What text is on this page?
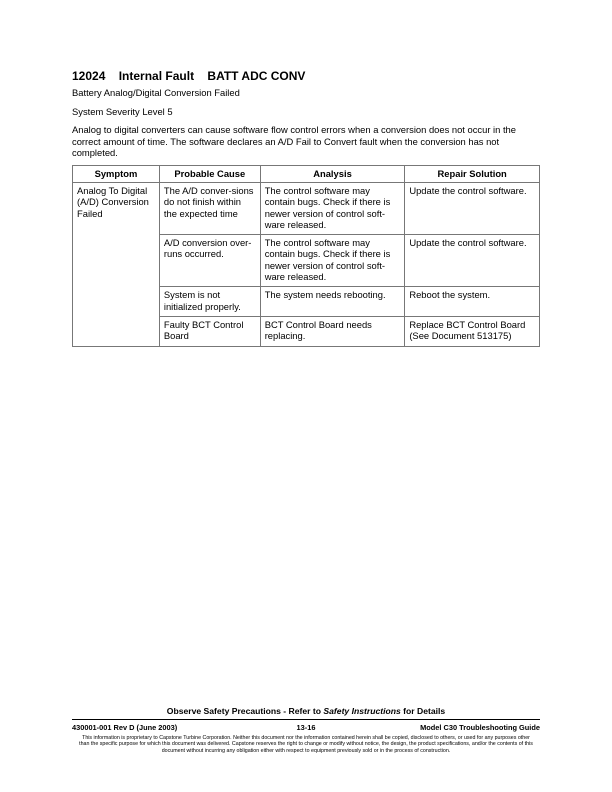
12024 Internal Fault BATT ADC CONV
Battery Analog/Digital Conversion Failed
System Severity Level 5
Analog to digital converters can cause software flow control errors when a conversion does not occur in the correct amount of time. The software declares an A/D Fail to Convert fault when the conversion has not completed.
Symptom	Probable Cause	Analysis	Repair Solution
Analog To Digital (A/D) Conversion Failed	The A/D conver-sions do not finish within the expected time	The control software may contain bugs. Check if there is newer version of control soft-ware released.	Update the control software.
	A/D conversion over-runs occurred.	The control software may contain bugs. Check if there is newer version of control soft-ware released.	Update the control software.
	System is not initialized properly.	The system needs rebooting.	Reboot the system.
	Faulty BCT Control Board	BCT Control Board needs replacing.	Replace BCT Control Board (See Document 513175)
Observe Safety Precautions - Refer to Safety Instructions for Details
430001-001 Rev D (June 2003)	13-16	Model C30 Troubleshooting Guide
This information is proprietary to Capstone Turbine Corporation. Neither this document nor the information contained herein shall be copied, disclosed to others, or used for any purposes other than the specific purpose for which this document was delivered. Capstone reserves the right to change or modify without notice, the design, the product specifications, and/or the contents of this document without incurring any obligation either with respect to equipment previously sold or in the process of construction.
